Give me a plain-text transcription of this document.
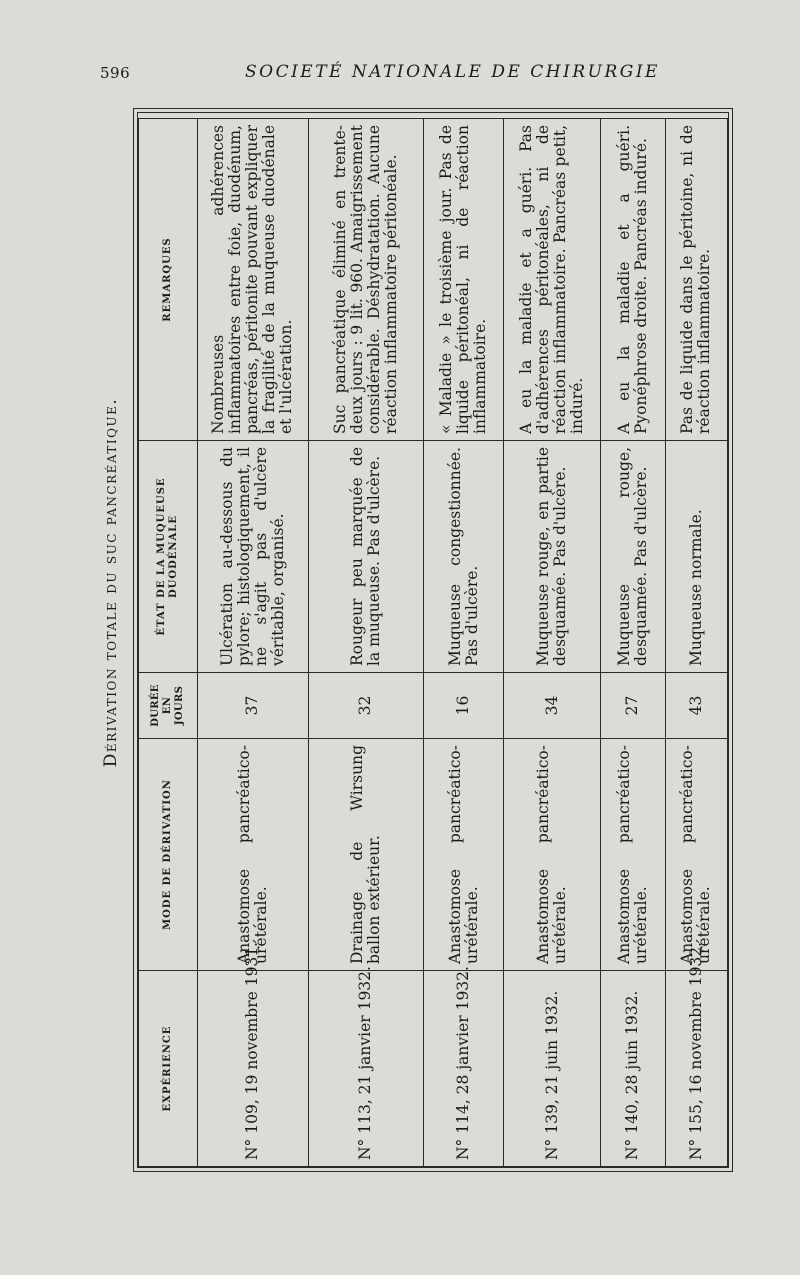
596	SOCIETÉ NATIONALE DE CHIRURGIE
Dérivation totale du suc pancréatique.
EXPÉRIENCE	MODE DE DÉRIVATION	DURÉE EN JOURS	ÉTAT DE LA MUQUEUSE DUODÉNALE	REMARQUES
N° 109, 19 novembre 1931.	Anastomose pancréatico-urétérale.	37	Ulcération au-dessous du pylore; histologiquement, il ne s'agit pas d'ulcère véritable, organisé.	Nombreuses adhérences inflammatoires entre foie, duodénum, pancréas, péritonite pouvant expliquer la fragilité de la muqueuse duodénale et l'ulcération.
N° 113, 21 janvier 1932.	Drainage de Wirsung ballon extérieur.	32	Rougeur peu marquée de la muqueuse. Pas d'ulcère.	Suc pancréatique éliminé en trente-deux jours : 9 lit. 960. Amaigrissement considérable. Déshydratation. Aucune réaction inflammatoire péritonéale.
N° 114, 28 janvier 1932.	Anastomose pancréatico-urétérale.	16	Muqueuse congestionnée. Pas d'ulcère.	« Maladie » le troisième jour. Pas de liquide péritonéal, ni de réaction inflammatoire.
N° 139, 21 juin 1932.	Anastomose pancréatico-urétérale.	34	Muqueuse rouge, en partie desquamée. Pas d'ulcère.	A eu la maladie et a guéri. Pas d'adhérences péritonéales, ni de réaction inflammatoire. Pancréas petit, induré.
N° 140, 28 juin 1932.	Anastomose pancréatico-urétérale.	27	Muqueuse rouge, desquamée. Pas d'ulcère.	A eu la maladie et a guéri. Pyonéphrose droite. Pancréas induré.
N° 155, 16 novembre 1932.	Anastomose pancréatico-urétérale.	43	Muqueuse normale.	Pas de liquide dans le péritoine, ni de réaction inflammatoire.
